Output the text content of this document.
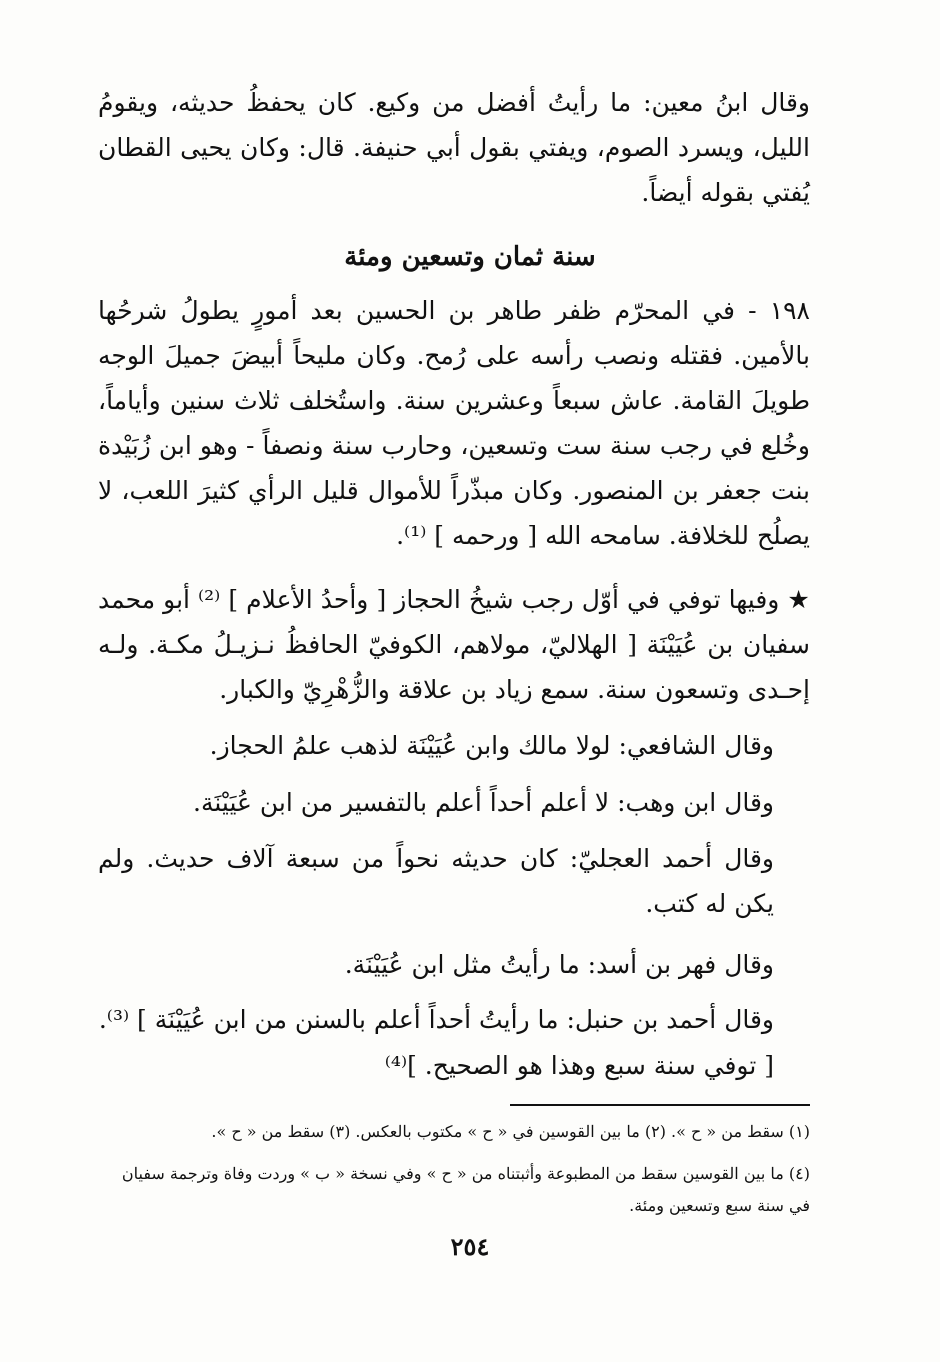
وقال ابنُ معين: ما رأيتُ أفضل من وكيع. كان يحفظُ حديثه، ويقومُ الليل، ويسرد الصوم، ويفتي بقول أبي حنيفة. قال: وكان يحيى القطان يُفتي بقوله أيضاً.

سنة ثمان وتسعين ومئة

١٩٨ - في المحرّم ظفر طاهر بن الحسين بعد أمورٍ يطولُ شرحُها بالأمين. فقتله ونصب رأسه على رُمح. وكان مليحاً أبيضَ جميلَ الوجه طويلَ القامة. عاش سبعاً وعشرين سنة. واستُخلف ثلاث سنين وأياماً، وخُلع في رجب سنة ست وتسعين، وحارب سنة ونصفاً - وهو ابن زُبَيْدة بنت جعفر بن المنصور. وكان مبذّراً للأموال قليل الرأي كثيرَ اللعب، لا يصلُح للخلافة. سامحه الله [ ورحمه ] ⁽¹⁾.

★ وفيها توفي في أوّل رجب شيخُ الحجاز [ وأحدُ الأعلام ] ⁽²⁾ أبو محمد سفيان بن عُيَيْنَة [ الهلاليّ، مولاهم، الكوفيّ الحافظُ نـزيـلُ مكـة. ولـه إحـدى وتسعون سنة. سمع زياد بن علاقة والزُّهْرِيّ والكبار.

وقال الشافعي: لولا مالك وابن عُيَيْنَة لذهب علمُ الحجاز.
وقال ابن وهب: لا أعلم أحداً أعلم بالتفسير من ابن عُيَيْنَة.

وقال أحمد العجليّ: كان حديثه نحواً من سبعة آلاف حديث. ولم يكن له كتب.

وقال فهر بن أسد: ما رأيتُ مثل ابن عُيَيْنَة.
وقال أحمد بن حنبل: ما رأيتُ أحداً أعلم بالسنن من ابن عُيَيْنَة ] ⁽³⁾.
[ توفي سنة سبع وهذا هو الصحيح. ]⁽⁴⁾
(١) سقط من « ح ». (٢) ما بين القوسين في « ح » مكتوب بالعكس. (٣) سقط من « ح ».
(٤) ما بين القوسين سقط من المطبوعة وأثبتناه من « ح » وفي نسخة « ب » وردت وفاة وترجمة سفيان
في سنة سبع وتسعين ومئة.
٢٥٤
